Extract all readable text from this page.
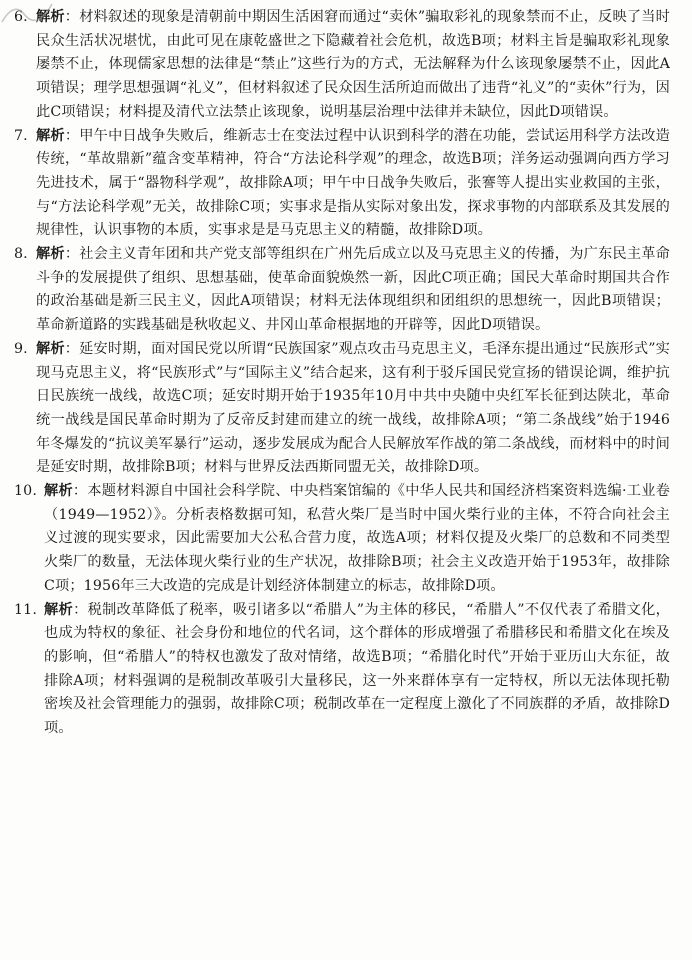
6. 解析：材料叙述的现象是清朝前中期因生活困窘而通过“卖休”骗取彩礼的现象禁而不止，反映了当时民众生活状况堪忧，由此可见在康乾盛世之下隐藏着社会危机，故选B项；材料主旨是骗取彩礼现象屡禁不止，体现儒家思想的法律是“禁止”这些行为的方式，无法解释为什么该现象屡禁不止，因此A项错误；理学思想强调“礼义”，但材料叙述了民众因生活所迫而做出了违背“礼义”的“卖休”行为，因此C项错误；材料提及清代立法禁止该现象，说明基层治理中法律并未缺位，因此D项错误。
7. 解析：甲午中日战争失败后，维新志士在变法过程中认识到科学的潜在功能，尝试运用科学方法改造传统，“革故鼎新”蕴含变革精神，符合“方法论科学观”的理念，故选B项；洋务运动强调向西方学习先进技术，属于“器物科学观”，故排除A项；甲午中日战争失败后，张謇等人提出实业救国的主张，与“方法论科学观”无关，故排除C项；实事求是指从实际对象出发，探求事物的内部联系及其发展的规律性，认识事物的本质，实事求是是马克思主义的精髓，故排除D项。
8. 解析：社会主义青年团和共产党支部等组织在广州先后成立以及马克思主义的传播，为广东民主革命斗争的发展提供了组织、思想基础，使革命面貌焕然一新，因此C项正确；国民大革命时期国共合作的政治基础是新三民主义，因此A项错误；材料无法体现组织和团组织的思想统一，因此B项错误；革命新道路的实践基础是秋收起义、井冈山革命根据地的开辟等，因此D项错误。
9. 解析：延安时期，面对国民党以所谓“民族国家”观点攻击马克思主义，毛泽东提出通过“民族形式”实现马克思主义，将“民族形式”与“国际主义”结合起来，这有利于驳斥国民党宣扬的错误论调，维护抗日民族统一战线，故选C项；延安时期开始于1935年10月中共中央随中央红军长征到达陕北，革命统一战线是国民革命时期为了反帝反封建而建立的统一战线，故排除A项；“第二条战线”始于1946年冬爆发的“抗议美军暴行”运动，逐步发展成为配合人民解放军作战的第二条战线，而材料中的时间是延安时期，故排除B项；材料与世界反法西斯同盟无关，故排除D项。
10. 解析：本题材料源自中国社会科学院、中央档案馆编的《中华人民共和国经济档案资料选编·工业卷（1949—1952）》。分析表格数据可知，私营火柴厂是当时中国火柴行业的主体，不符合向社会主义过渡的现实要求，因此需要加大公私合营力度，故选A项；材料仅提及火柴厂的总数和不同类型火柴厂的数量，无法体现火柴行业的生产状况，故排除B项；社会主义改造开始于1953年，故排除C项；1956年三大改造的完成是计划经济体制建立的标志，故排除D项。
11. 解析：税制改革降低了税率，吸引诸多以“希腊人”为主体的移民，“希腊人”不仅代表了希腊文化，也成为特权的象征、社会身份和地位的代名词，这个群体的形成增强了希腊移民和希腊文化在埃及的影响，但“希腊人”的特权也激发了敌对情绪，故选B项；“希腊化时代”开始于亚历山大东征，故排除A项；材料强调的是税制改革吸引大量移民，这一外来群体享有一定特权，所以无法体现托勒密埃及社会管理能力的强弱，故排除C项；税制改革在一定程度上激化了不同族群的矛盾，故排除D项。
